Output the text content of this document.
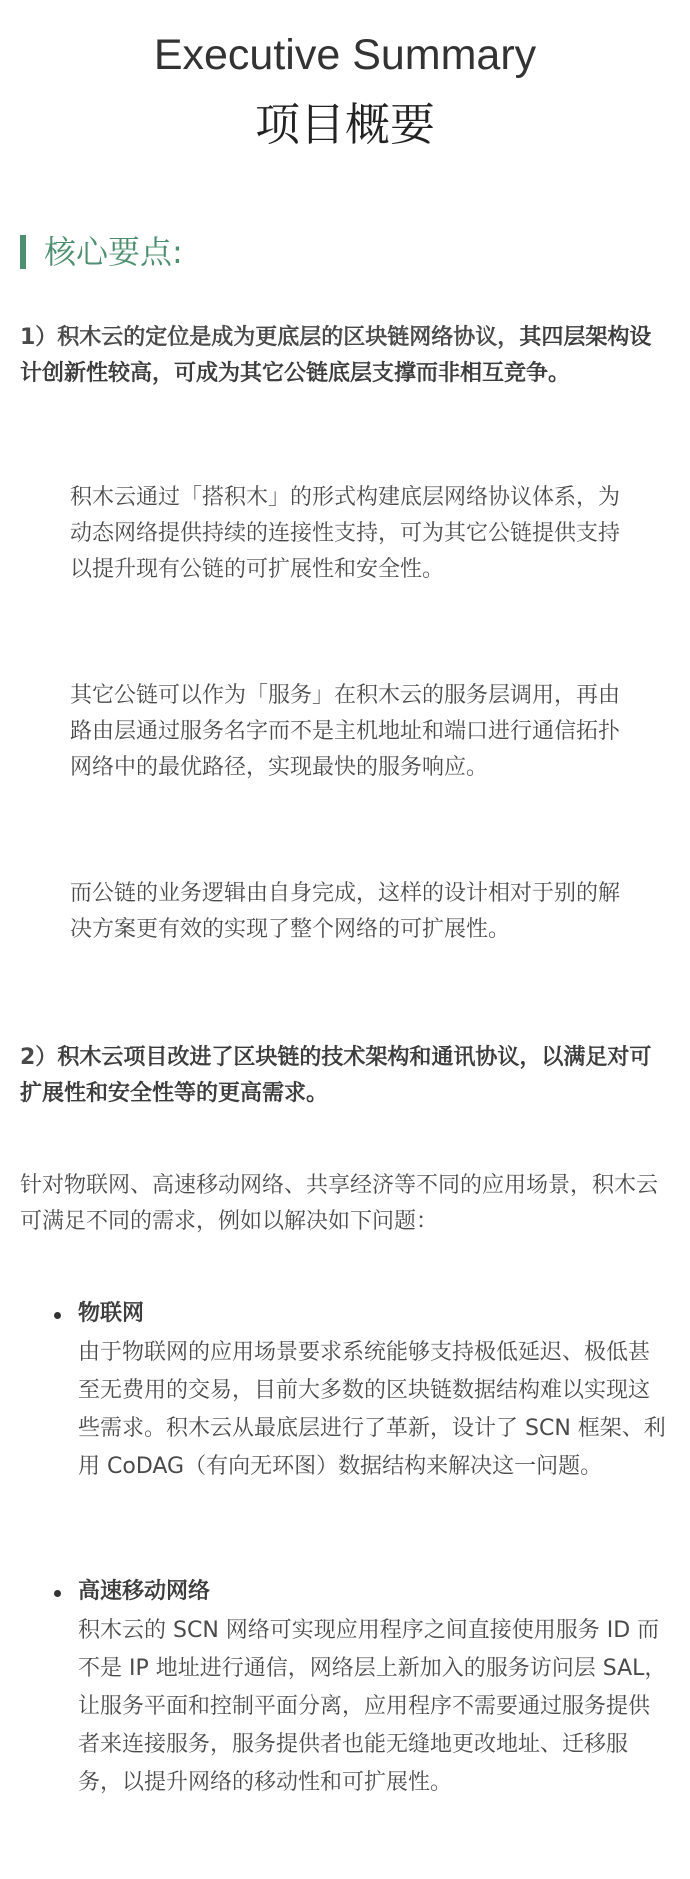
Executive Summary
项目概要
核心要点:

1）积木云的定位是成为更底层的区块链网络协议，其四层架构设计创新性较高，可成为其它公链底层支撑而非相互竞争。

积木云通过「搭积木」的形式构建底层网络协议体系，为动态网络提供持续的连接性支持，可为其它公链提供支持以提升现有公链的可扩展性和安全性。

其它公链可以作为「服务」在积木云的服务层调用，再由路由层通过服务名字而不是主机地址和端口进行通信拓扑网络中的最优路径，实现最快的服务响应。

而公链的业务逻辑由自身完成，这样的设计相对于别的解决方案更有效的实现了整个网络的可扩展性。

2）积木云项目改进了区块链的技术架构和通讯协议，以满足对可扩展性和安全性等的更高需求。

针对物联网、高速移动网络、共享经济等不同的应用场景，积木云可满足不同的需求，例如以解决如下问题：

物联网
由于物联网的应用场景要求系统能够支持极低延迟、极低甚至无费用的交易，目前大多数的区块链数据结构难以实现这些需求。积木云从最底层进行了革新，设计了 SCN 框架、利用 CoDAG（有向无环图）数据结构来解决这一问题。
高速移动网络
积木云的 SCN 网络可实现应用程序之间直接使用服务 ID 而不是 IP 地址进行通信，网络层上新加入的服务访问层 SAL，让服务平面和控制平面分离，应用程序不需要通过服务提供者来连接服务，服务提供者也能无缝地更改地址、迁移服务，以提升网络的移动性和可扩展性。
